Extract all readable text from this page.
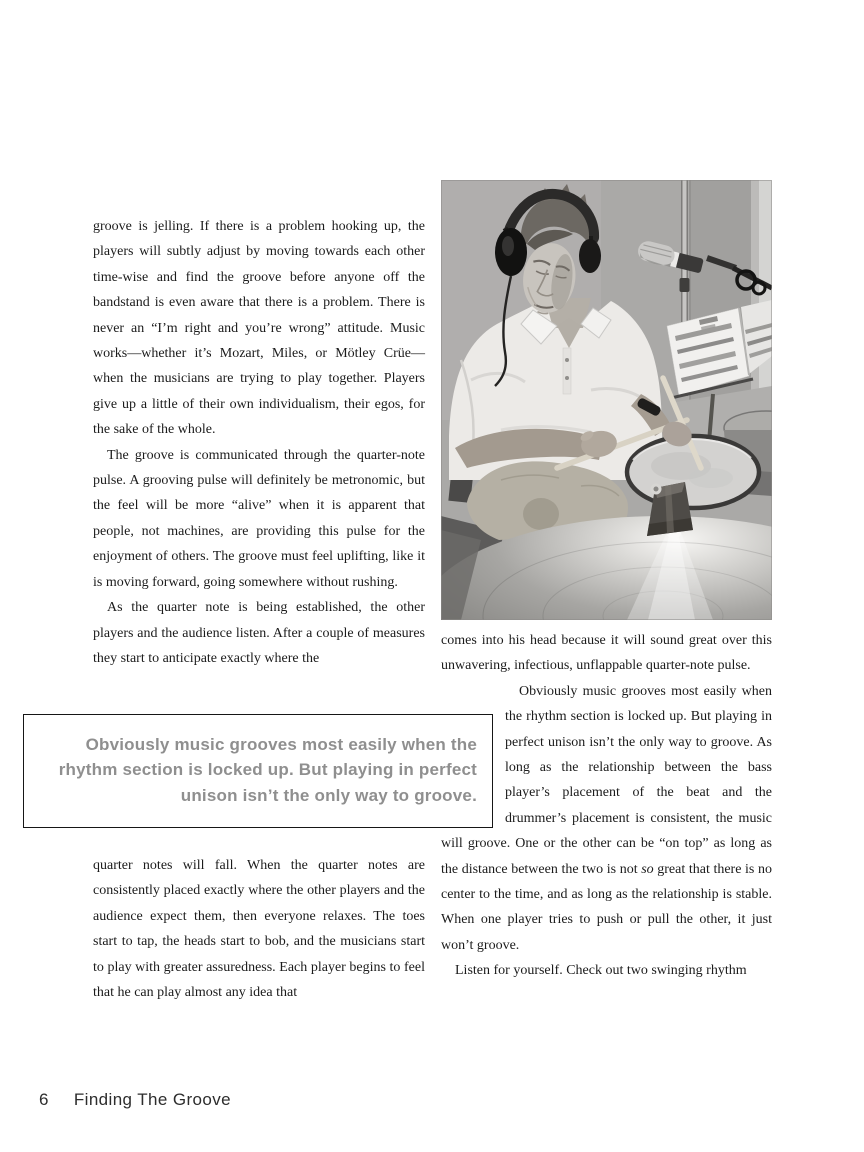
groove is jelling. If there is a problem hooking up, the players will subtly adjust by moving towards each other time-wise and find the groove before anyone off the bandstand is even aware that there is a problem. There is never an “I’m right and you’re wrong” attitude. Music works—whether it’s Mozart, Miles, or Mötley Crüe—when the musicians are trying to play together. Players give up a little of their own individualism, their egos, for the sake of the whole.

The groove is communicated through the quarter-note pulse. A grooving pulse will definitely be metronomic, but the feel will be more “alive” when it is apparent that people, not machines, are providing this pulse for the enjoyment of others. The groove must feel uplifting, like it is moving forward, going somewhere without rushing.

As the quarter note is being established, the other players and the audience listen. After a couple of measures they start to anticipate exactly where the

Obviously music grooves most easily when the rhythm section is locked up. But playing in perfect unison isn’t the only way to groove.

comes into his head because it will sound great over this unwavering, infectious, unflappable quarter-note pulse.

Obviously music grooves most easily when the rhythm section is locked up. But playing in perfect unison isn’t the only way to groove. As long as the relationship between the bass player’s placement of the beat and the drummer’s placement is consistent, the music will groove. One or the other can be “on top” as long as the distance between the two is not so great that there is no center to the time, and as long as the relationship is stable. When one player tries to push or pull the other, it just won’t groove.

Listen for yourself. Check out two swinging rhythm

quarter notes will fall. When the quarter notes are consistently placed exactly where the other players and the audience expect them, then everyone relaxes. The toes start to tap, the heads start to bob, and the musicians start to play with greater assuredness. Each player begins to feel that he can play almost any idea that

6 Finding The Groove
